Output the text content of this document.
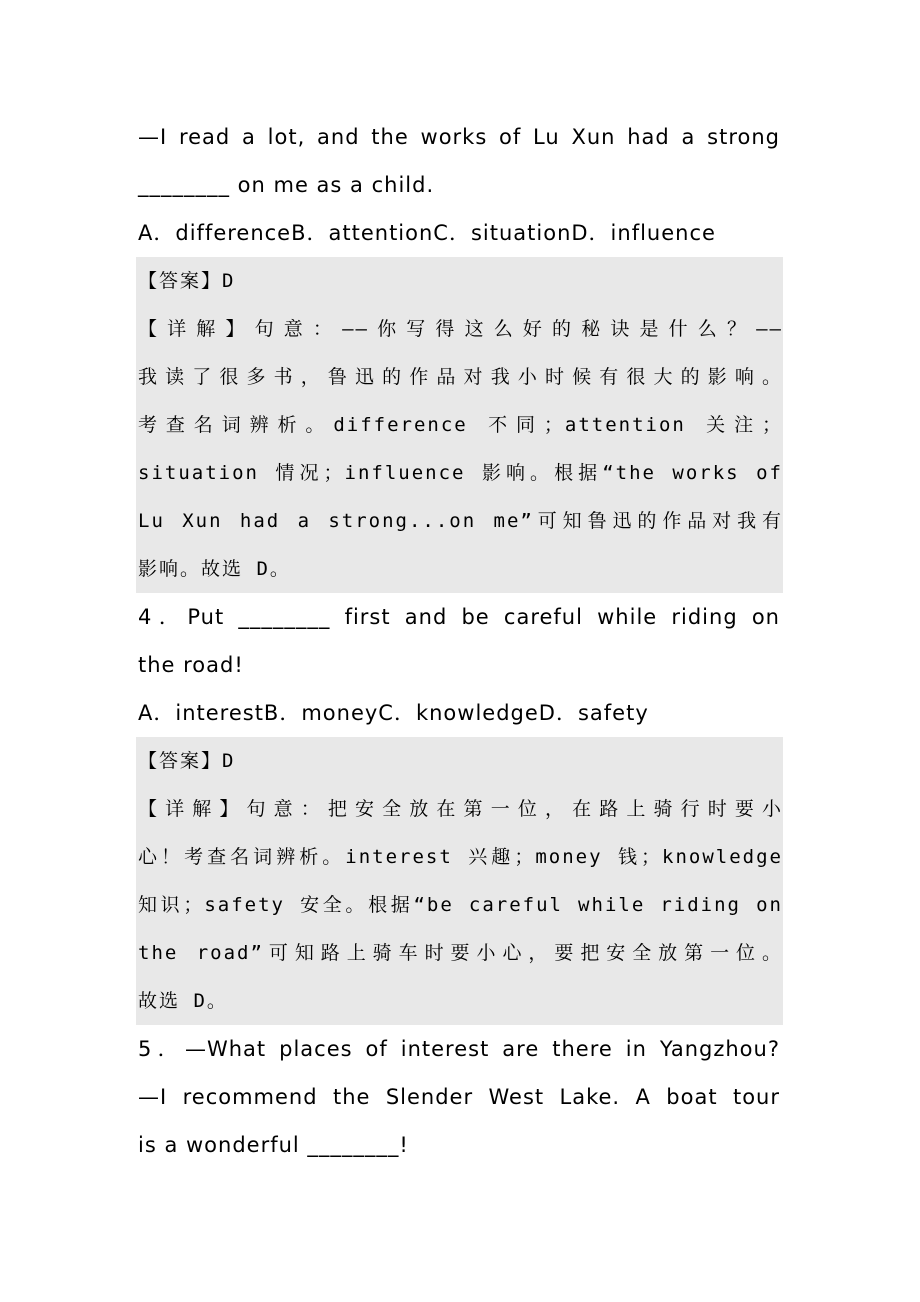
—I read a lot, and the works of Lu Xun had a strong
________ on me as a child.
A．differenceB．attentionC．situationD．influence
【答案】D
【详解】句意：——你写得这么好的秘诀是什么？——
我读了很多书，鲁迅的作品对我小时候有很大的影响。
考查名词辨析。difference 不同；attention 关注；
situation 情况；influence 影响。根据“the works of
Lu Xun had a strong...on me”可知鲁迅的作品对我有
影响。故选 D。
4．Put ________ first and be careful while riding on
the road!
A．interestB．moneyC．knowledgeD．safety
【答案】D
【详解】句意：把安全放在第一位，在路上骑行时要小
心！考查名词辨析。interest 兴趣；money 钱；knowledge
知识；safety 安全。根据“be careful while riding on
the road”可知路上骑车时要小心，要把安全放第一位。
故选 D。
5．—What places of interest are there in Yangzhou?
—I recommend the Slender West Lake. A boat tour
is a wonderful ________!
